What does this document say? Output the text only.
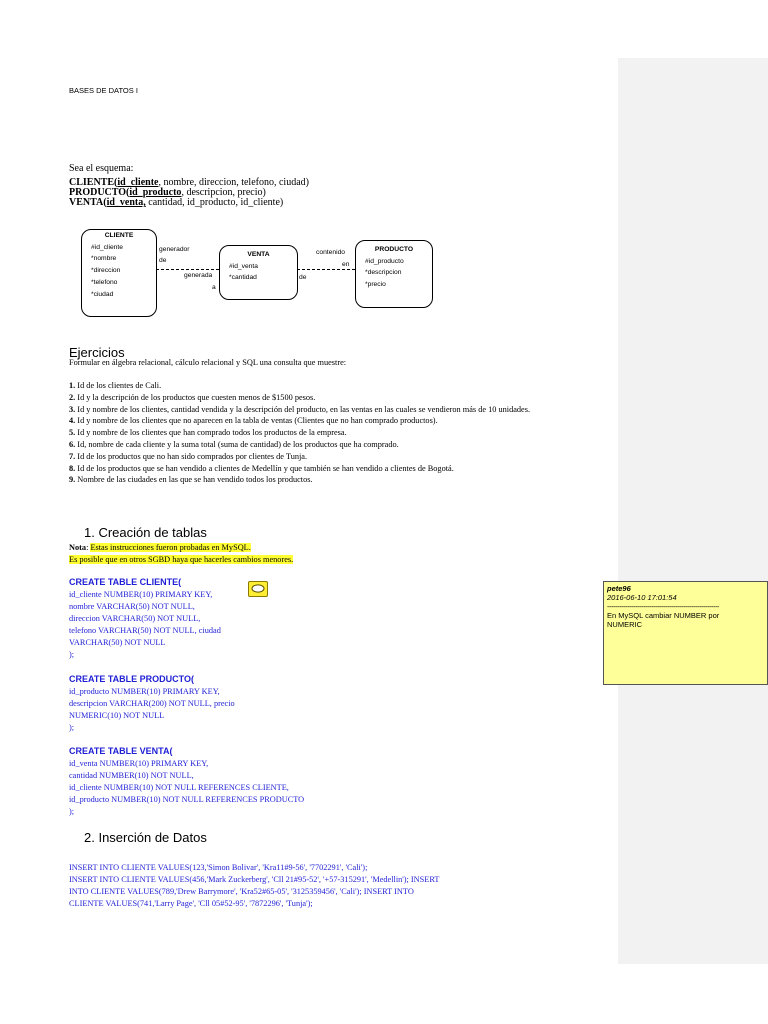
BASES DE DATOS I
Sea el esquema:
CLIENTE(id_cliente, nombre, direccion, telefono, ciudad)
PRODUCTO(id_producto, descripcion, precio)
VENTA(id_venta, cantidad, id_producto, id_cliente)
CLIENTE
#id_cliente
*nombre
*direccion
*telefono
*ciudad
VENTA
#id_venta
*cantidad
PRODUCTO
#id_producto
*descripcion
*precio
generador
de
generada
a
contenido
en
de
Ejercicios
Formular en álgebra relacional, cálculo relacional y SQL una consulta que muestre:
1. Id de los clientes de Cali.
2. Id y la descripción de los productos que cuesten menos de $1500 pesos.
3. Id y nombre de los clientes, cantidad vendida y la descripción del producto, en las ventas en las cuales se vendieron más de 10 unidades.
4. Id y nombre de los clientes que no aparecen en la tabla de ventas (Clientes que no han comprado productos).
5. Id y nombre de los clientes que han comprado todos los productos de la empresa.
6. Id, nombre de cada cliente y la suma total (suma de cantidad) de los productos que ha comprado.
7. Id de los productos que no han sido comprados por clientes de Tunja.
8. Id de los productos que se han vendido a clientes de Medellín y que también se han vendido a clientes de Bogotá.
9. Nombre de las ciudades en las que se han vendido todos los productos.
1. Creación de tablas
Nota: Estas instrucciones fueron probadas en MySQL.
Es posible que en otros SGBD haya que hacerles cambios menores.
CREATE TABLE CLIENTE(
id_cliente NUMBER(10) PRIMARY KEY,
nombre VARCHAR(50) NOT NULL,
direccion VARCHAR(50) NOT NULL,
telefono VARCHAR(50) NOT NULL, ciudad
VARCHAR(50) NOT NULL
);
CREATE TABLE PRODUCTO(
id_producto NUMBER(10) PRIMARY KEY,
descripcion VARCHAR(200) NOT NULL, precio
NUMERIC(10) NOT NULL
);
CREATE TABLE VENTA(
id_venta NUMBER(10) PRIMARY KEY,
cantidad NUMBER(10) NOT NULL,
id_cliente NUMBER(10) NOT NULL REFERENCES CLIENTE,
id_producto NUMBER(10) NOT NULL REFERENCES PRODUCTO
);
2. Inserción de Datos
INSERT INTO CLIENTE VALUES(123,'Simon Bolivar', 'Kra11#9-56', '7702291', 'Cali');
INSERT INTO CLIENTE VALUES(456,'Mark Zuckerberg', 'Cll 21#95-52', '+57-315291', 'Medellin'); INSERT
INTO CLIENTE VALUES(789,'Drew Barrymore', 'Kra52#65-05', '3125359456', 'Cali'); INSERT INTO
CLIENTE VALUES(741,'Larry Page', 'Cll 05#52-95', '7872296', 'Tunja');
pete96
2016-06-10 17:01:54
--------------------------------------------------------
En MySQL cambiar NUMBER por
NUMERIC
